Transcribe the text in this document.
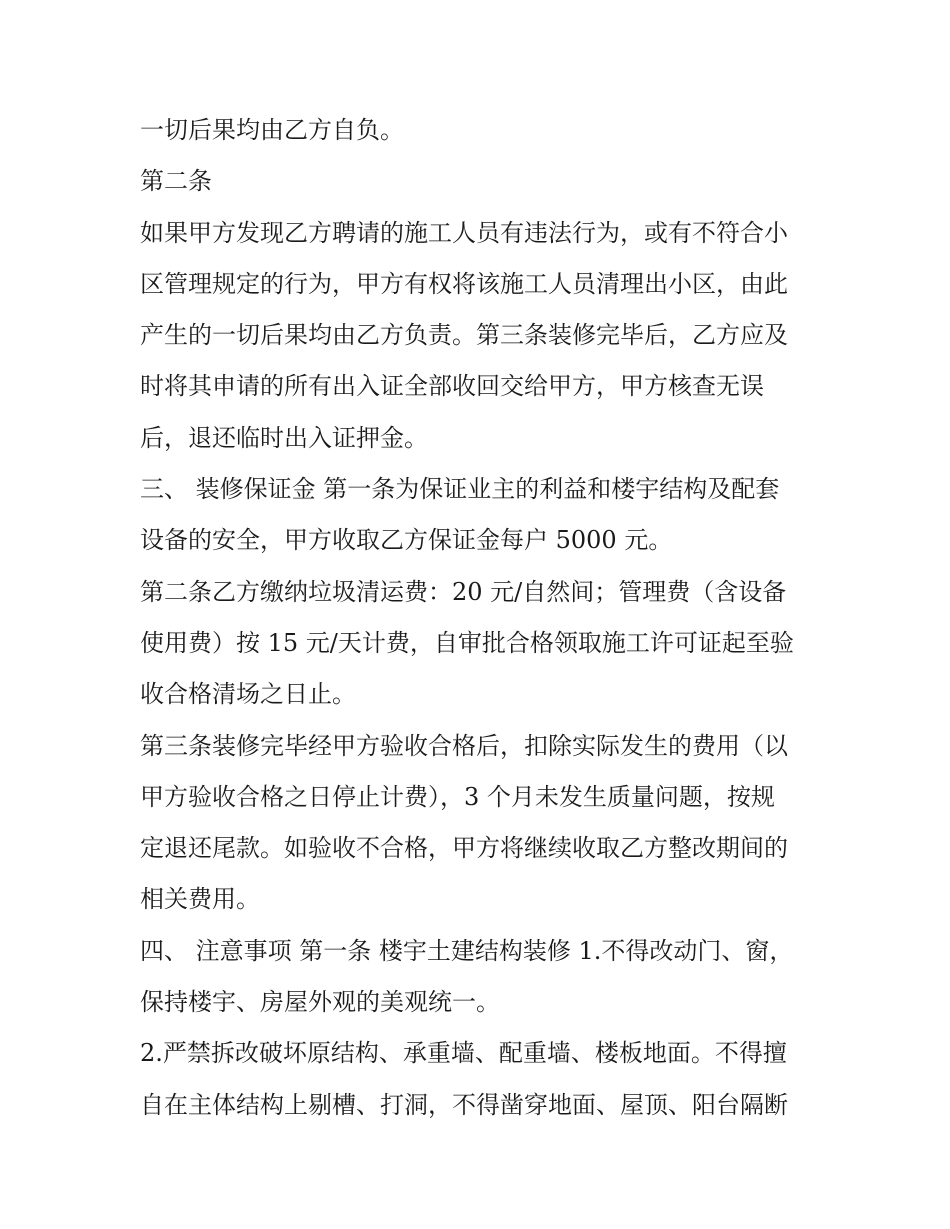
一切后果均由乙方自负。
第二条
如果甲方发现乙方聘请的施工人员有违法行为，或有不符合小
区管理规定的行为，甲方有权将该施工人员清理出小区，由此
产生的一切后果均由乙方负责。第三条装修完毕后，乙方应及
时将其申请的所有出入证全部收回交给甲方，甲方核查无误
后，退还临时出入证押金。
三、 装修保证金 第一条为保证业主的利益和楼宇结构及配套
设备的安全，甲方收取乙方保证金每户 5000 元。
第二条乙方缴纳垃圾清运费：20 元/自然间；管理费（含设备
使用费）按 15 元/天计费，自审批合格领取施工许可证起至验
收合格清场之日止。
第三条装修完毕经甲方验收合格后，扣除实际发生的费用（以
甲方验收合格之日停止计费），3 个月未发生质量问题，按规
定退还尾款。如验收不合格，甲方将继续收取乙方整改期间的
相关费用。
四、 注意事项 第一条 楼宇土建结构装修 1.不得改动门、窗，
保持楼宇、房屋外观的美观统一。
2.严禁拆改破坏原结构、承重墙、配重墙、楼板地面。不得擅
自在主体结构上剔槽、打洞，不得凿穿地面、屋顶、阳台隔断
